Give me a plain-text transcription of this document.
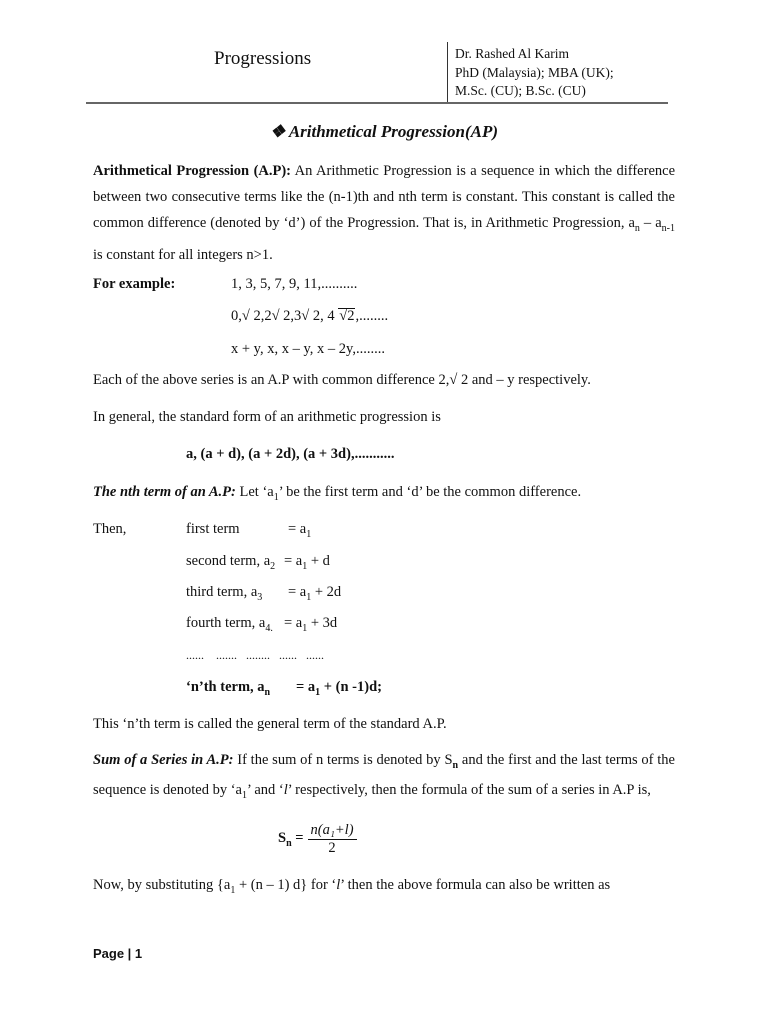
Progressions	Dr. Rashed Al Karim
PhD (Malaysia); MBA (UK);
M.Sc. (CU); B.Sc. (CU)
❖ Arithmetical Progression(AP)
Arithmetical Progression (A.P): An Arithmetic Progression is a sequence in which the difference between two consecutive terms like the (n-1)th and nth term is constant. This constant is called the common difference (denoted by ‘d’) of the Progression. That is, in Arithmetic Progression, $a_n - a_{n-1}$ is constant for all integers n>1.
For example:	1, 3, 5, 7, 9, 11,..........
0,√ 2,2√ 2,3√ 2, 4 √2,........
x + y, x, x – y, x – 2y,........
Each of the above series is an A.P with common difference 2,√ 2 and – y respectively.
In general, the standard form of an arithmetic progression is
a, (a + d), (a + 2d), (a + 3d),...........
The nth term of an A.P: Let ‘$a_1$’ be the first term and ‘d’ be the common difference.
Then,	first term	= $a_1$
second term, $a_2 = a_1 + d$
third term, $a_3 = a_1 + 2d$
fourth term, $a_{4.} = a_1 + 3d$
......    .......   ........   ......   ......
‘n’th term, $a_n = a_1 + (n$ -1)d;
This ‘n’th term is called the general term of the standard A.P.
Sum of a Series in A.P: If the sum of n terms is denoted by $S_n$ and the first and the last terms of the sequence is denoted by ‘$a_1$’ and ‘l’ respectively, then the formula of the sum of a series in A.P is,
$S_n = \frac{\text{n(a₁+l)}}{2}$
Now, by substituting {$a_1 + (n - 1)$ d} for ‘l’ then the above formula can also be written as
Page | 1
